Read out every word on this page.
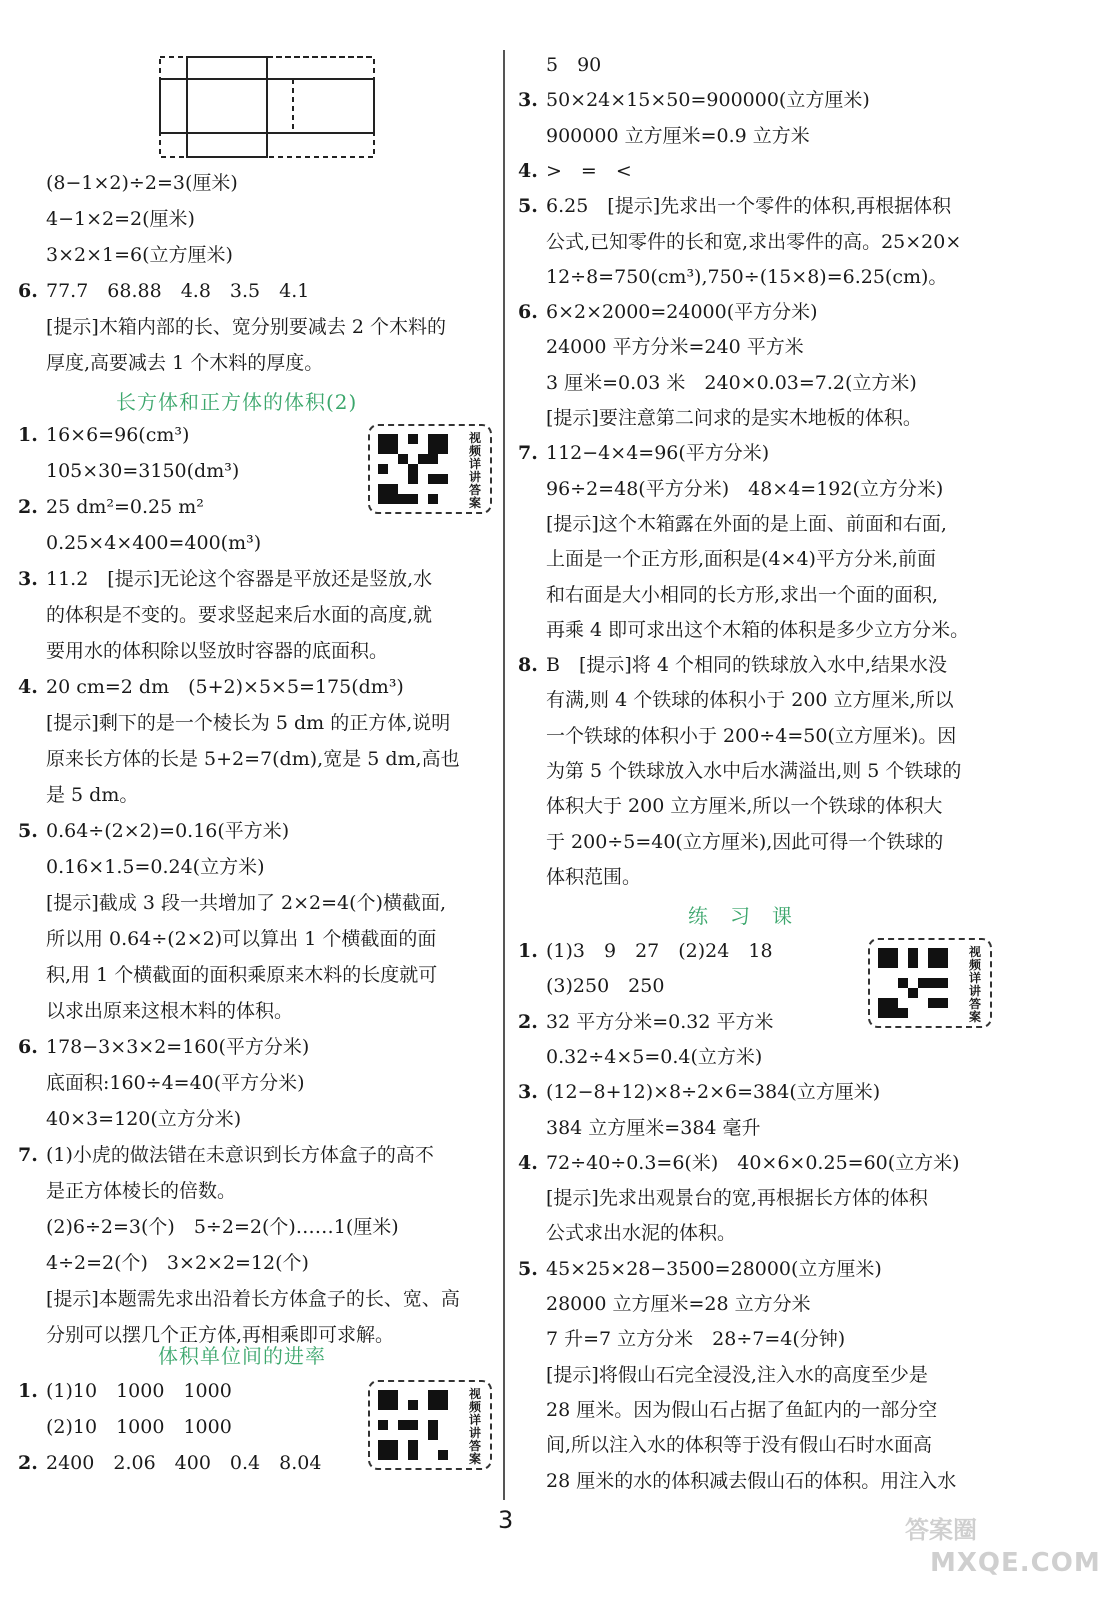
(8−1×2)÷2=3(厘米)
4−1×2=2(厘米)
3×2×1=6(立方厘米)
6. 77.7　68.88　4.8　3.5　4.1
[提示]木箱内部的长、宽分别要减去 2 个木料的
厚度,高要减去 1 个木料的厚度。
长方体和正方体的体积(2)
1. 16×6=96(cm³)
105×30=3150(dm³)
2. 25 dm²=0.25 m²
0.25×4×400=400(m³)
3. 11.2　[提示]无论这个容器是平放还是竖放,水
的体积是不变的。要求竖起来后水面的高度,就
要用水的体积除以竖放时容器的底面积。
4. 20 cm=2 dm　(5+2)×5×5=175(dm³)
[提示]剩下的是一个棱长为 5 dm 的正方体,说明
原来长方体的长是 5+2=7(dm),宽是 5 dm,高也
是 5 dm。
5. 0.64÷(2×2)=0.16(平方米)
0.16×1.5=0.24(立方米)
[提示]截成 3 段一共增加了 2×2=4(个)横截面,
所以用 0.64÷(2×2)可以算出 1 个横截面的面
积,用 1 个横截面的面积乘原来木料的长度就可
以求出原来这根木料的体积。
6. 178−3×3×2=160(平方分米)
底面积:160÷4=40(平方分米)
40×3=120(立方分米)
7. (1)小虎的做法错在未意识到长方体盒子的高不
是正方体棱长的倍数。
(2)6÷2=3(个)　5÷2=2(个)……1(厘米)
4÷2=2(个)　3×2×2=12(个)
[提示]本题需先求出沿着长方体盒子的长、宽、高
分别可以摆几个正方体,再相乘即可求解。
体积单位间的进率
1. (1)10　1000　1000
(2)10　1000　1000
2. 2400　2.06　400　0.4　8.04
5　90
3. 50×24×15×50=900000(立方厘米)
900000 立方厘米=0.9 立方米
4. >　=　<
5. 6.25　[提示]先求出一个零件的体积,再根据体积
公式,已知零件的长和宽,求出零件的高。25×20×
12÷8=750(cm³),750÷(15×8)=6.25(cm)。
6. 6×2×2000=24000(平方分米)
24000 平方分米=240 平方米
3 厘米=0.03 米　240×0.03=7.2(立方米)
[提示]要注意第二问求的是实木地板的体积。
7. 112−4×4=96(平方分米)
96÷2=48(平方分米)　48×4=192(立方分米)
[提示]这个木箱露在外面的是上面、前面和右面,
上面是一个正方形,面积是(4×4)平方分米,前面
和右面是大小相同的长方形,求出一个面的面积,
再乘 4 即可求出这个木箱的体积是多少立方分米。
8. B　[提示]将 4 个相同的铁球放入水中,结果水没
有满,则 4 个铁球的体积小于 200 立方厘米,所以
一个铁球的体积小于 200÷4=50(立方厘米)。因
为第 5 个铁球放入水中后水满溢出,则 5 个铁球的
体积大于 200 立方厘米,所以一个铁球的体积大
于 200÷5=40(立方厘米),因此可得一个铁球的
体积范围。
练　习　课
1. (1)3　9　27　(2)24　18
(3)250　250
2. 32 平方分米=0.32 平方米
0.32÷4×5=0.4(立方米)
3. (12−8+12)×8÷2×6=384(立方厘米)
384 立方厘米=384 毫升
4. 72÷40÷0.3=6(米)　40×6×0.25=60(立方米)
[提示]先求出观景台的宽,再根据长方体的体积
公式求出水泥的体积。
5. 45×25×28−3500=28000(立方厘米)
28000 立方厘米=28 立方分米
7 升=7 立方分米　28÷7=4(分钟)
[提示]将假山石完全浸没,注入水的高度至少是
28 厘米。因为假山石占据了鱼缸内的一部分空
间,所以注入水的体积等于没有假山石时水面高
28 厘米的水的体积减去假山石的体积。用注入水
视频详讲答案
视频详讲答案
视频详讲答案
3	答案圈
MXQE.COM
